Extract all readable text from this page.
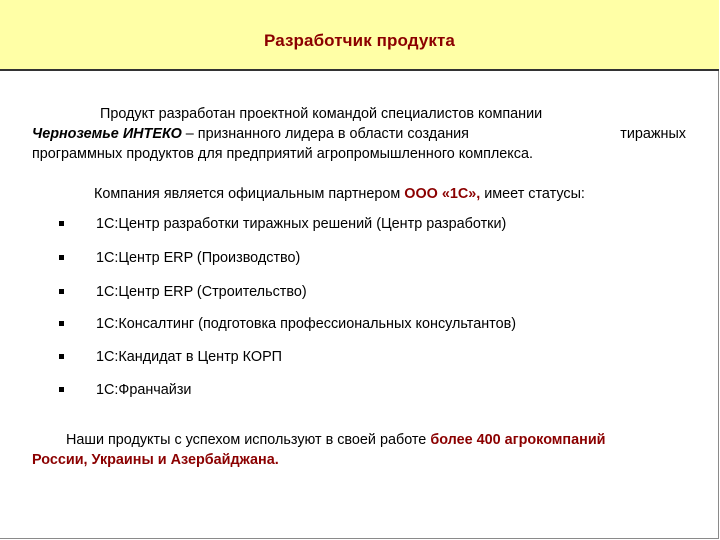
Разработчик продукта
Продукт разработан проектной командой специалистов компании
Черноземье ИНТЕКО – признанного лидера в области создания	тиражных
программных продуктов для предприятий агропромышленного комплекса.
Компания является официальным партнером ООО «1С», имеет статусы:
1С:Центр разработки тиражных решений (Центр разработки)
1С:Центр ERP (Производство)
1С:Центр ERP (Строительство)
1С:Консалтинг (подготовка профессиональных консультантов)
1С:Кандидат в Центр КОРП
1С:Франчайзи
Наши продукты с успехом используют в своей работе более 400 агрокомпаний
России, Украины и Азербайджана.
